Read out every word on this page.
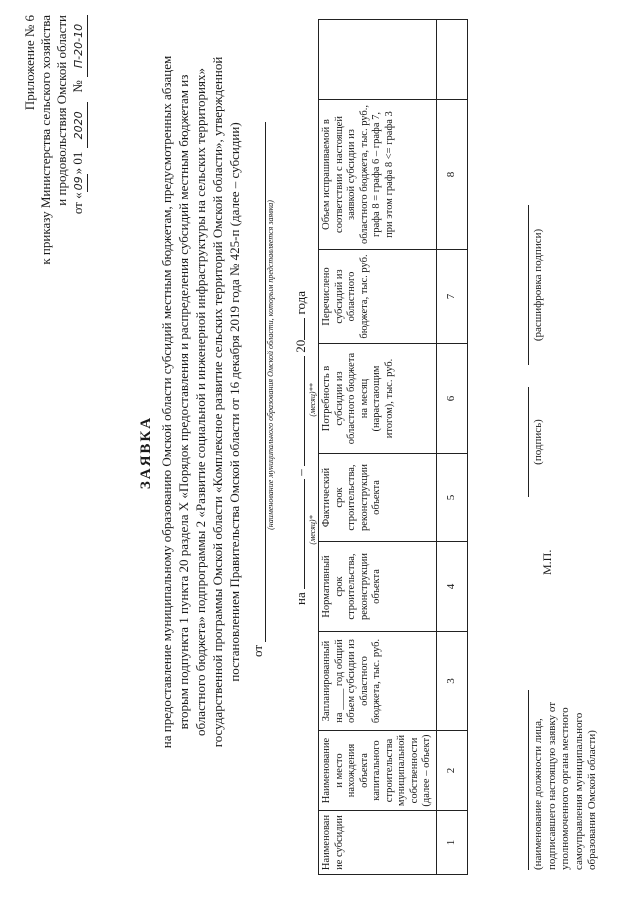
Приложение № 6 к приказу Министерства сельского хозяйства и продовольствия Омской области от «09» 01 2020   № П-20-10
ЗАЯВКА на предоставление муниципальному образованию Омской области субсидий местным бюджетам, предусмотренных абзацем вторым подпункта 1 пункта 20 раздела X «Порядок предоставления и распределения субсидий местным бюджетам из областного бюджета» подпрограммы 2 «Развитие социальной и инженерной инфраструктуры на сельских территориях» государственной программы Омской области «Комплексное развитие сельских территорий Омской области», утвержденной постановлением Правительства Омской области от 16 декабря 2019 года № 425-п (далее – субсидии) от
(наименование муниципального образования Омской области, которым представляется заявка)
на  –  20 года
(месяц)*
(месяц)**
Наименование субсидии	Наименование и место нахождения объекта капитального строительства муниципальной собственности (далее – объект)	Запланированный на ____ год общий объем субсидии из областного бюджета, тыс. руб.	Нормативный срок строительства, реконструкции объекта	Фактический срок строительства, реконструкции объекта	Потребность в субсидии из областного бюджета на месяц (нарастающим итогом), тыс. руб.	Перечислено субсидий из областного бюджета, тыс. руб.	Объем испрашиваемой в соответствии с настоящей заявкой субсидии из областного бюджета, тыс. руб., графа 8 = графа 6 – графа 7, при этом графа 8 <= графа 3	
1	2	3	4	5	6	7	8	
(наименование должности лица, подписавшего настоящую заявку от уполномоченного органа местного самоуправления муниципального образования Омской области)
М.П.
(подпись)
(расшифровка подписи)
